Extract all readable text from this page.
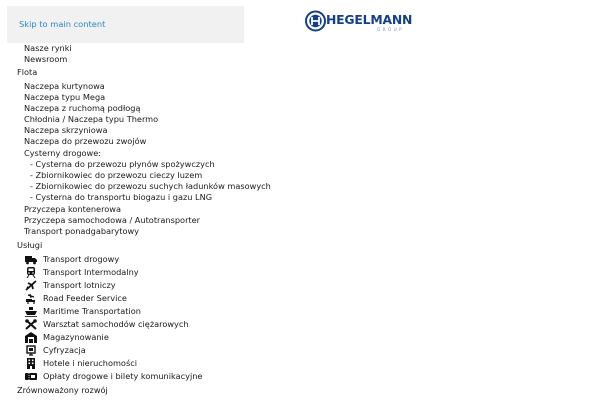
Skip to main content	HEGELMANN
GROUP
Nasze rynki
Newsroom
Flota
Naczepa kurtynowa
Naczepa typu Mega
Naczepa z ruchomą podłogą
Chłodnia / Naczepa typu Thermo
Naczepa skrzyniowa
Naczepa do przewozu zwojów
Cysterny drogowe:
- Cysterna do przewozu płynów spożywczych
- Zbiornikowiec do przewozu cieczy luzem
- Zbiornikowiec do przewozu suchych ładunków masowych
- Cysterna do transportu biogazu i gazu LNG
Przyczepa kontenerowa
Przyczepa samochodowa / Autotransporter
Transport ponadgabarytowy
Usługi
Transport drogowy
Transport Intermodalny
Transport lotniczy
Road Feeder Service
Maritime Transportation
Warsztat samochodów ciężarowych
Magazynowanie
Cyfryzacja
Hotele i nieruchomości
Opłaty drogowe i bilety komunikacyjne
Zrównoważony rozwój
